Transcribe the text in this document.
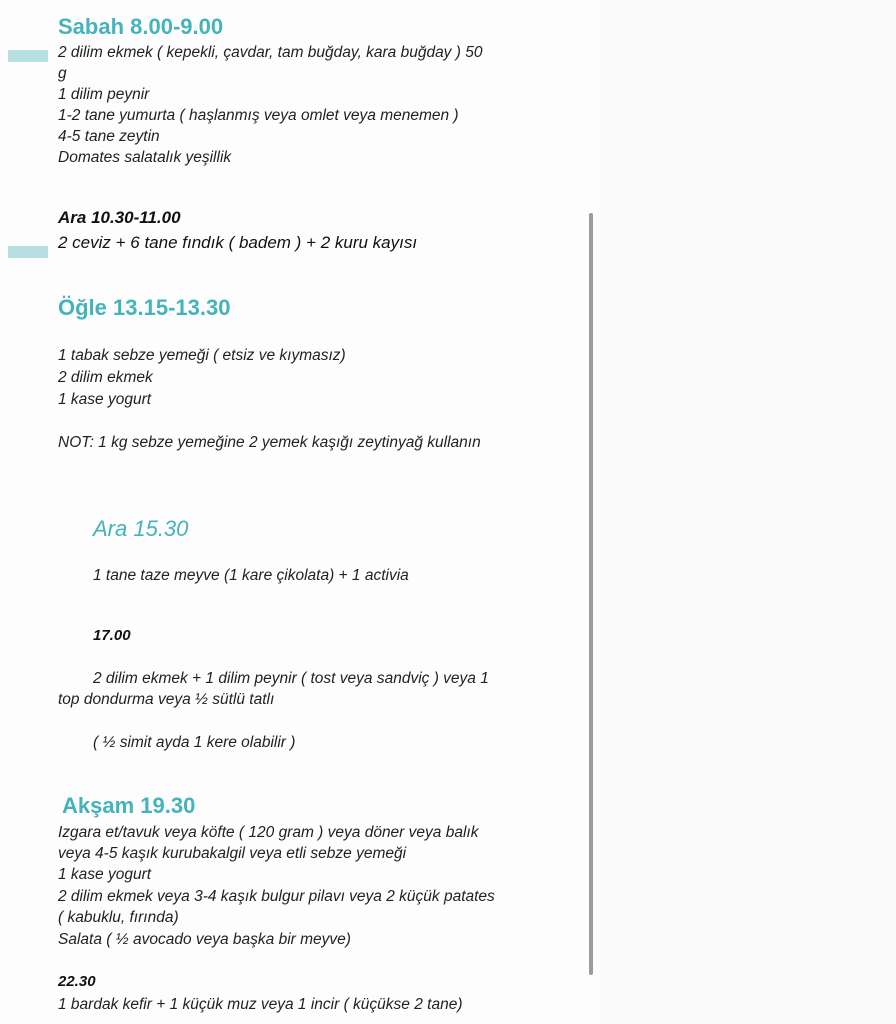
Sabah 8.00-9.00

2 dilim ekmek ( kepekli, çavdar, tam buğday, kara buğday ) 50

g

1 dilim peynir

1-2 tane yumurta ( haşlanmış veya omlet veya menemen )

4-5 tane zeytin

Domates salatalık yeşillik

Ara 10.30-11.00

2 ceviz + 6 tane fındık ( badem ) + 2 kuru kayısı

Öğle 13.15-13.30

1 tabak sebze yemeği ( etsiz ve kıymasız)

2 dilim ekmek

1 kase yogurt

NOT: 1 kg sebze yemeğine 2 yemek kaşığı zeytinyağ kullanın

Ara 15.30

1 tane taze meyve (1 kare çikolata) + 1 activia

17.00

2 dilim ekmek + 1 dilim peynir ( tost veya sandviç ) veya 1

top dondurma veya ½ sütlü tatlı

( ½ simit ayda 1 kere olabilir )

Akşam 19.30

Izgara et/tavuk veya köfte ( 120 gram ) veya döner veya balık

veya 4-5 kaşık kurubakalgil veya etli sebze yemeği

1 kase yogurt

2 dilim ekmek veya 3-4 kaşık bulgur pilavı veya 2 küçük patates

( kabuklu, fırında)

Salata ( ½ avocado veya başka bir meyve)

22.30

1 bardak kefir + 1 küçük muz veya 1 incir ( küçükse 2 tane)
